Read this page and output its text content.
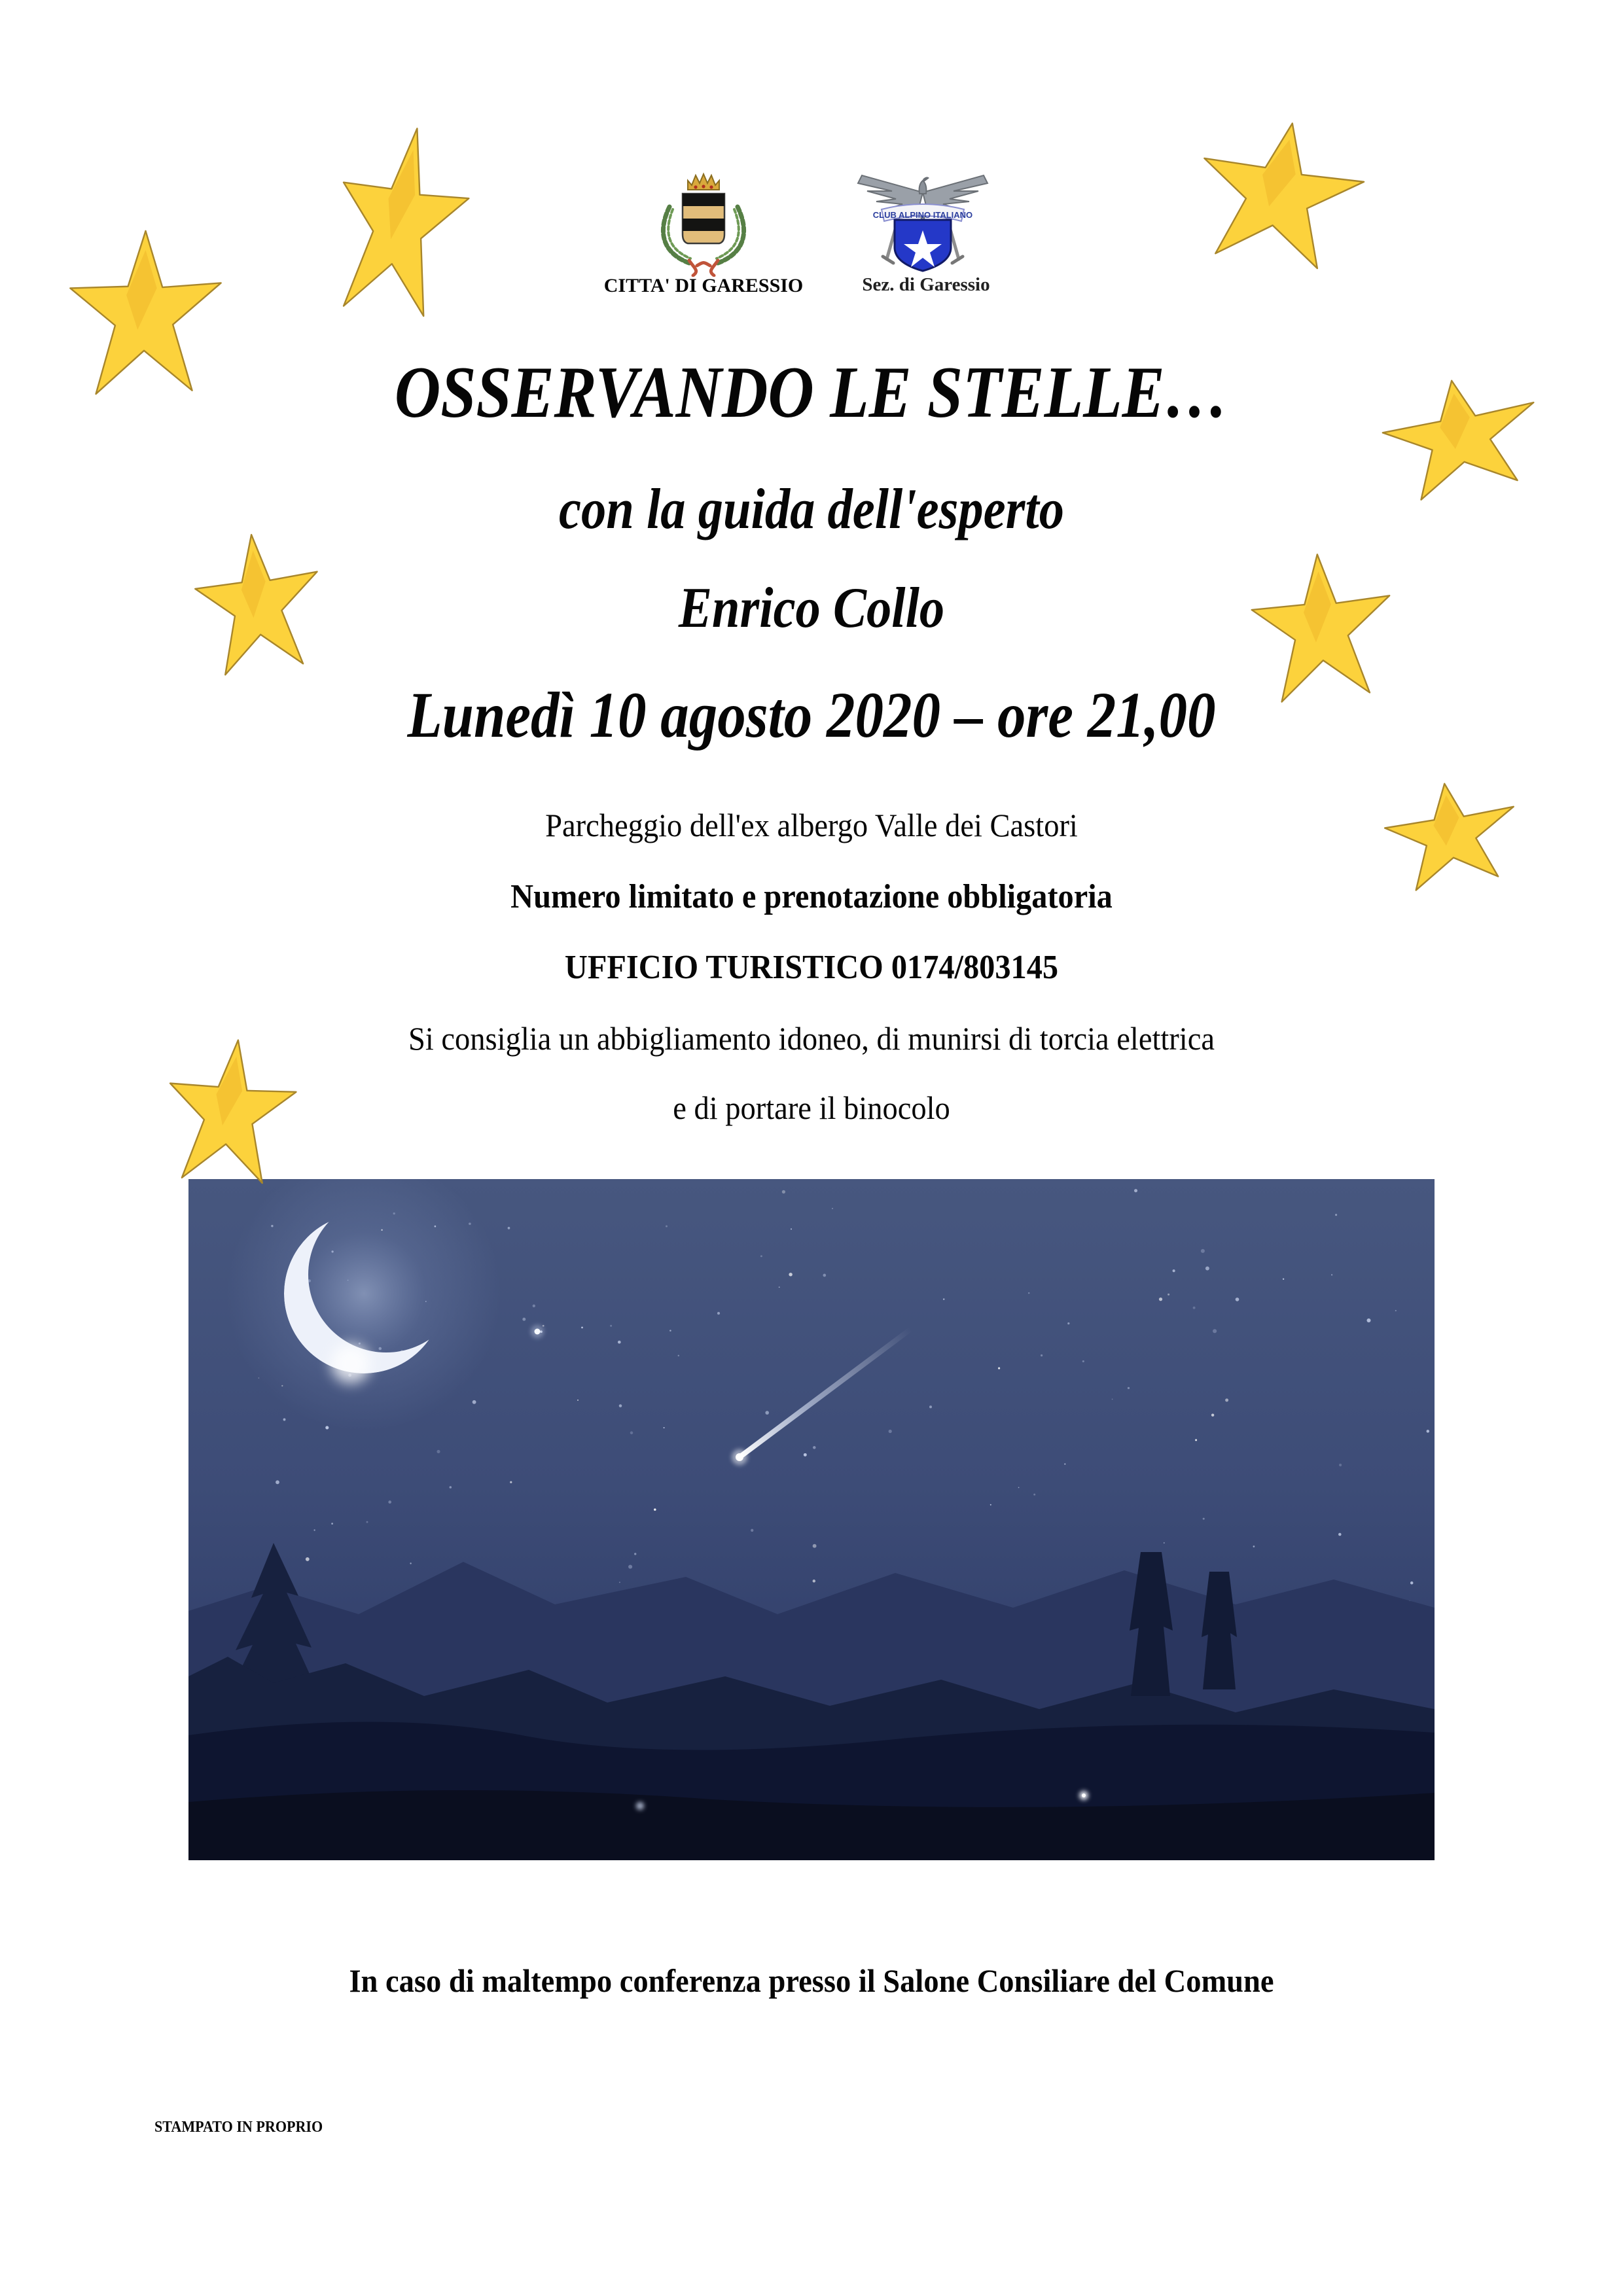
CITTA' DI GARESSIO
CLUB ALPINO ITALIANO
Sez. di Garessio
OSSERVANDO LE STELLE…
con la guida dell'esperto
Enrico Collo
Lunedì 10 agosto 2020 – ore 21,00
Parcheggio dell'ex albergo Valle dei Castori
Numero limitato e prenotazione obbligatoria
UFFICIO TURISTICO 0174/803145
Si consiglia un abbigliamento idoneo, di munirsi di torcia elettrica
e di portare il binocolo
In caso di maltempo conferenza presso il Salone Consiliare del Comune
STAMPATO IN PROPRIO
